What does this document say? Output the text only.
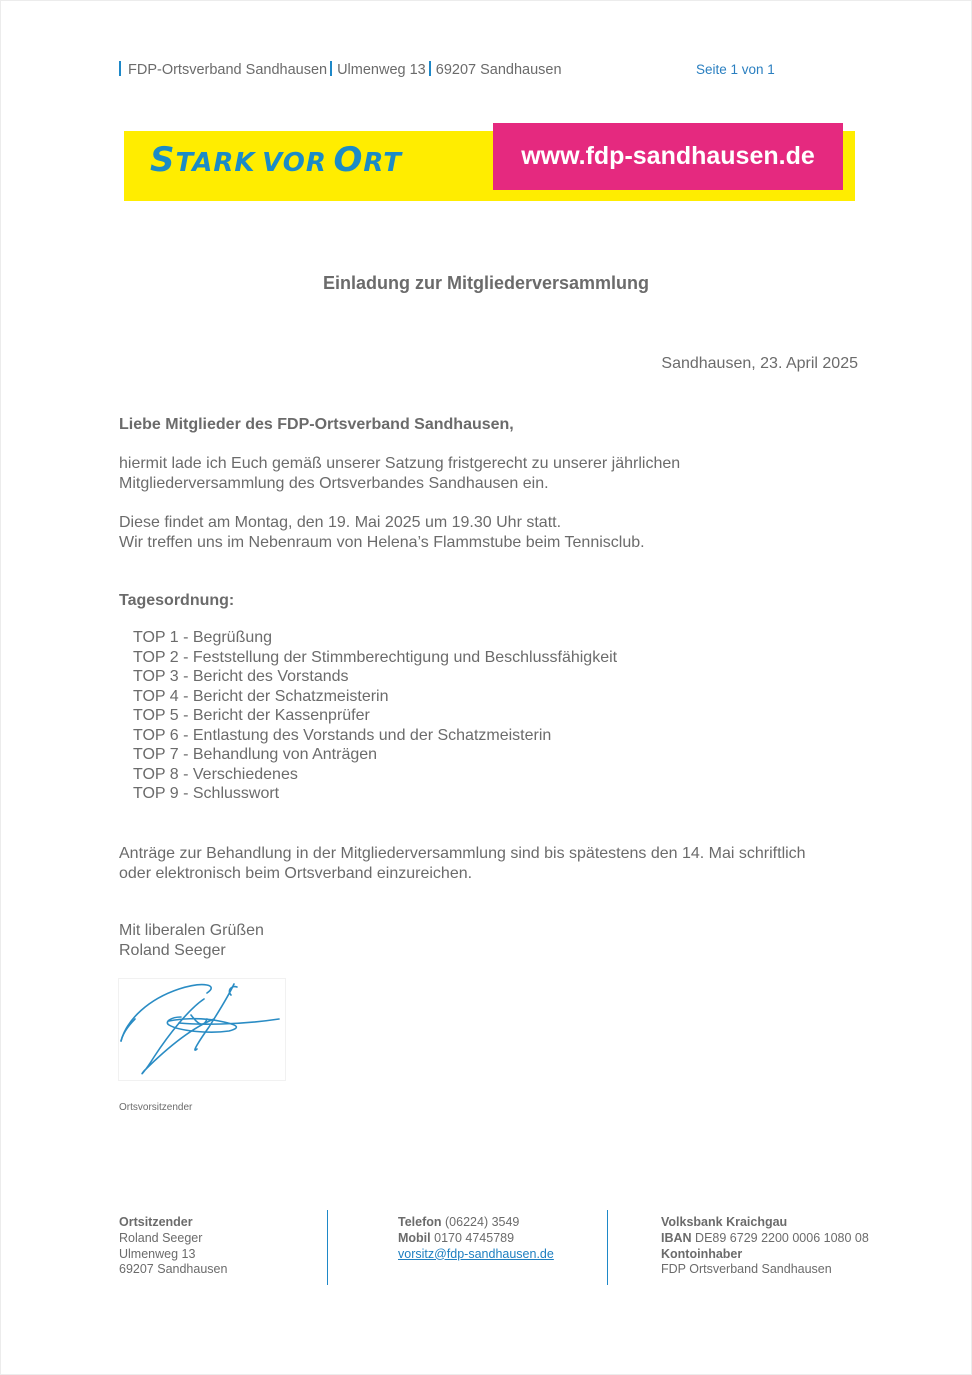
FDP-Ortsverband Sandhausen Ulmenweg 13 69207 Sandhausen	Seite 1 von 1
STARK VOR ORT	www.fdp-sandhausen.de
Einladung zur Mitgliederversammlung
Sandhausen, 23. April 2025
Liebe Mitglieder des FDP-Ortsverband Sandhausen,
hiermit lade ich Euch gemäß unserer Satzung fristgerecht zu unserer jährlichen
Mitgliederversammlung des Ortsverbandes Sandhausen ein.
Diese findet am Montag, den 19. Mai 2025 um 19.30 Uhr statt.
Wir treffen uns im Nebenraum von Helena’s Flammstube beim Tennisclub.
Tagesordnung:
TOP 1 - Begrüßung
TOP 2 - Feststellung der Stimmberechtigung und Beschlussfähigkeit
TOP 3 - Bericht des Vorstands
TOP 4 - Bericht der Schatzmeisterin
TOP 5 - Bericht der Kassenprüfer
TOP 6 - Entlastung des Vorstands und der Schatzmeisterin
TOP 7 - Behandlung von Anträgen
TOP 8 - Verschiedenes
TOP 9 - Schlusswort
Anträge zur Behandlung in der Mitgliederversammlung sind bis spätestens den 14. Mai schriftlich
oder elektronisch beim Ortsverband einzureichen.
Mit liberalen Grüßen
Roland Seeger
Ortsvorsitzender
Ortsitzender
Roland Seeger
Ulmenweg 13
69207 Sandhausen
Telefon (06224) 3549
Mobil 0170 4745789
vorsitz@fdp-sandhausen.de
Volksbank Kraichgau
IBAN DE89 6729 2200 0006 1080 08
Kontoinhaber
FDP Ortsverband Sandhausen
